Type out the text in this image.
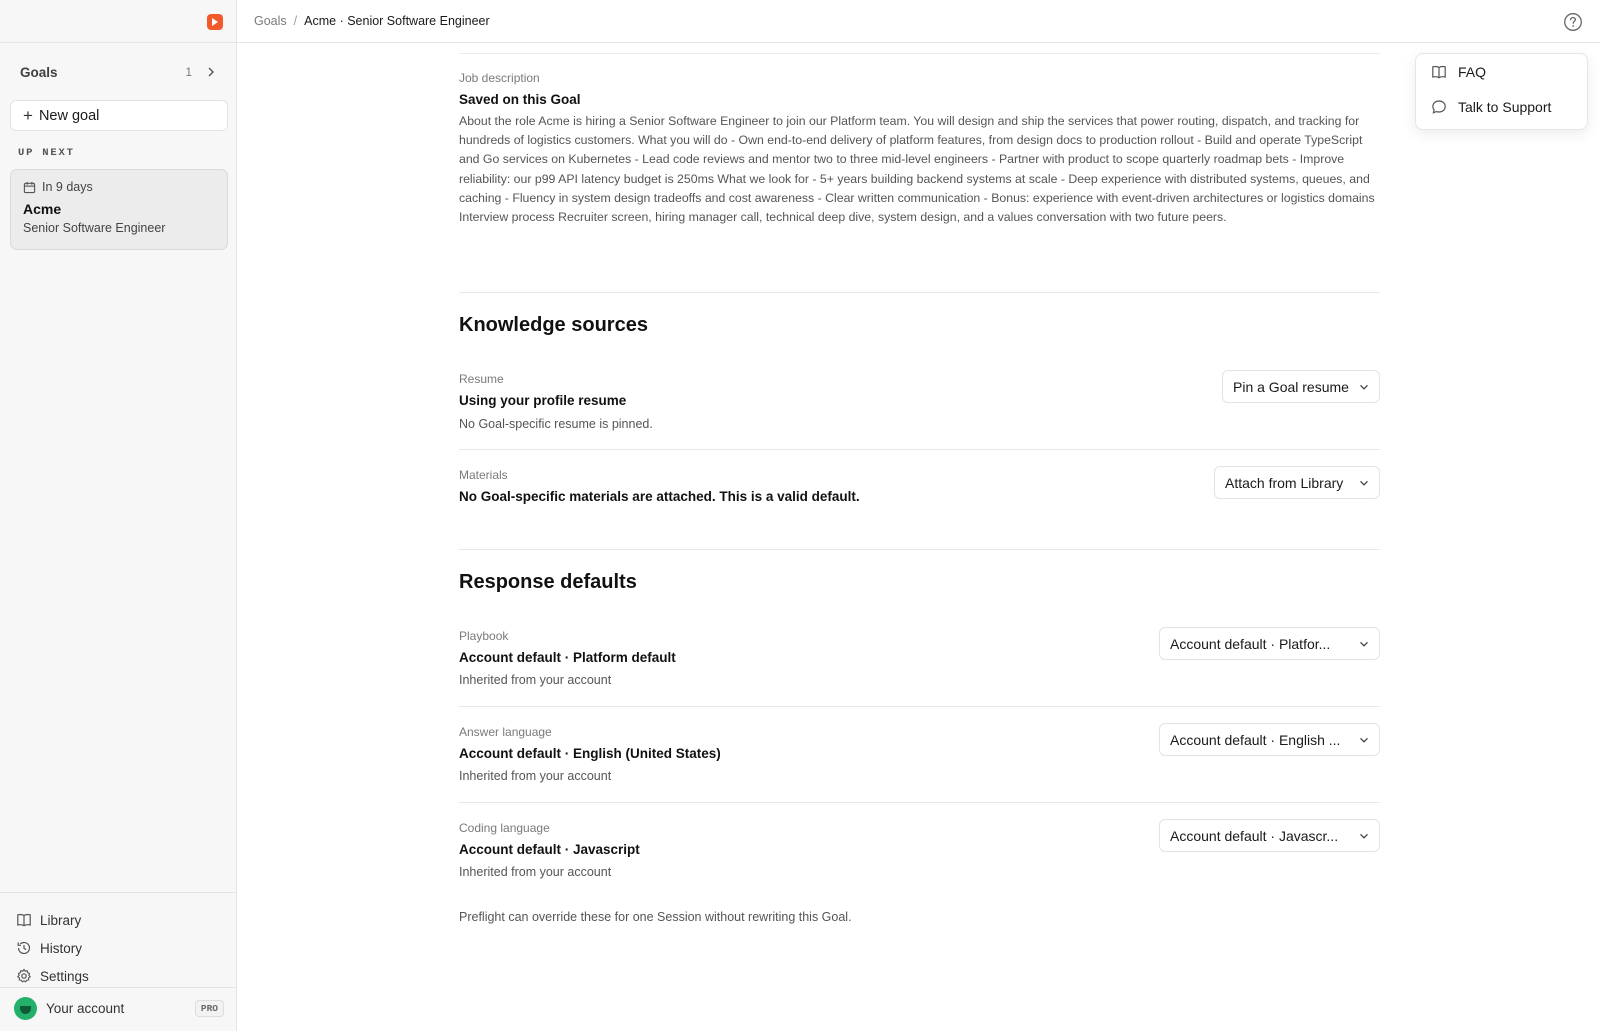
Goals	1
+ New goal
UP NEXT
In 9 days
Acme
Senior Software Engineer
Library
History
Settings
Your account	PRO
Goals / Acme · Senior Software Engineer
FAQ
Talk to Support
Job description
Saved on this Goal

About the role Acme is hiring a Senior Software Engineer to join our Platform team. You will design and ship the services that power routing, dispatch, and tracking for hundreds of logistics customers. What you will do - Own end-to-end delivery of platform features, from design docs to production rollout - Build and operate TypeScript and Go services on Kubernetes - Lead code reviews and mentor two to three mid-level engineers - Partner with product to scope quarterly roadmap bets - Improve reliability: our p99 API latency budget is 250ms What we look for - 5+ years building backend systems at scale - Deep experience with distributed systems, queues, and caching - Fluency in system design tradeoffs and cost awareness - Clear written communication - Bonus: experience with event-driven architectures or logistics domains Interview process Recruiter screen, hiring manager call, technical deep dive, system design, and a values conversation with two future peers.

Knowledge sources
Resume
Using your profile resume
No Goal-specific resume is pinned.
Pin a Goal resume
Materials
No Goal-specific materials are attached. This is a valid default.
Attach from Library
Response defaults
Playbook
Account default · Platform default
Inherited from your account
Account default · Platfor...
Answer language
Account default · English (United States)
Inherited from your account
Account default · English ...
Coding language
Account default · Javascript
Inherited from your account
Account default · Javascr...
Preflight can override these for one Session without rewriting this Goal.
